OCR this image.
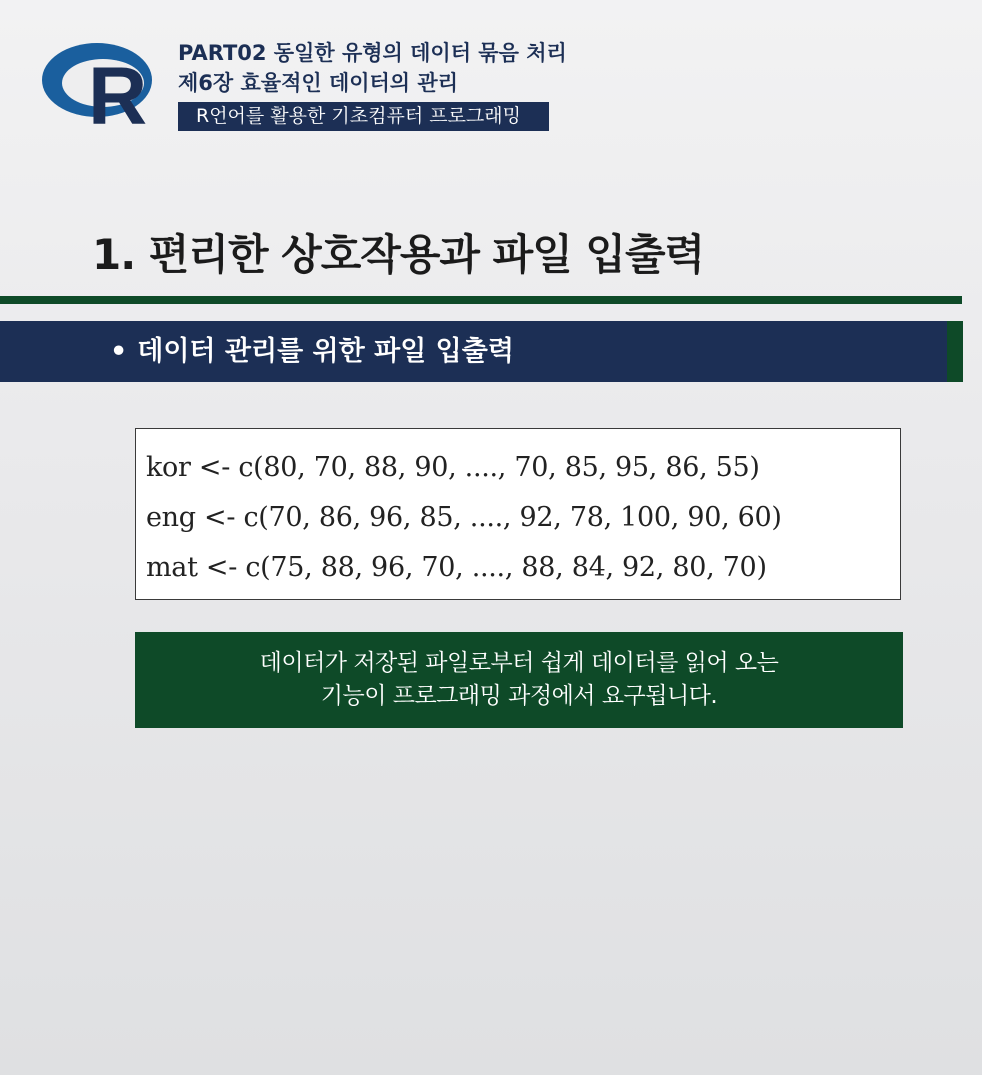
R PART02 동일한 유형의 데이터 묶음 처리
제6장 효율적인 데이터의 관리
R언어를 활용한 기초컴퓨터 프로그래밍
1. 편리한 상호작용과 파일 입출력
• 데이터 관리를 위한 파일 입출력
kor <- c(80, 70, 88, 90, ...., 70, 85, 95, 86, 55)
eng <- c(70, 86, 96, 85, ...., 92, 78, 100, 90, 60)
mat <- c(75, 88, 96, 70, ...., 88, 84, 92, 80, 70)
데이터가 저장된 파일로부터 쉽게 데이터를 읽어 오는
기능이 프로그래밍 과정에서 요구됩니다.
